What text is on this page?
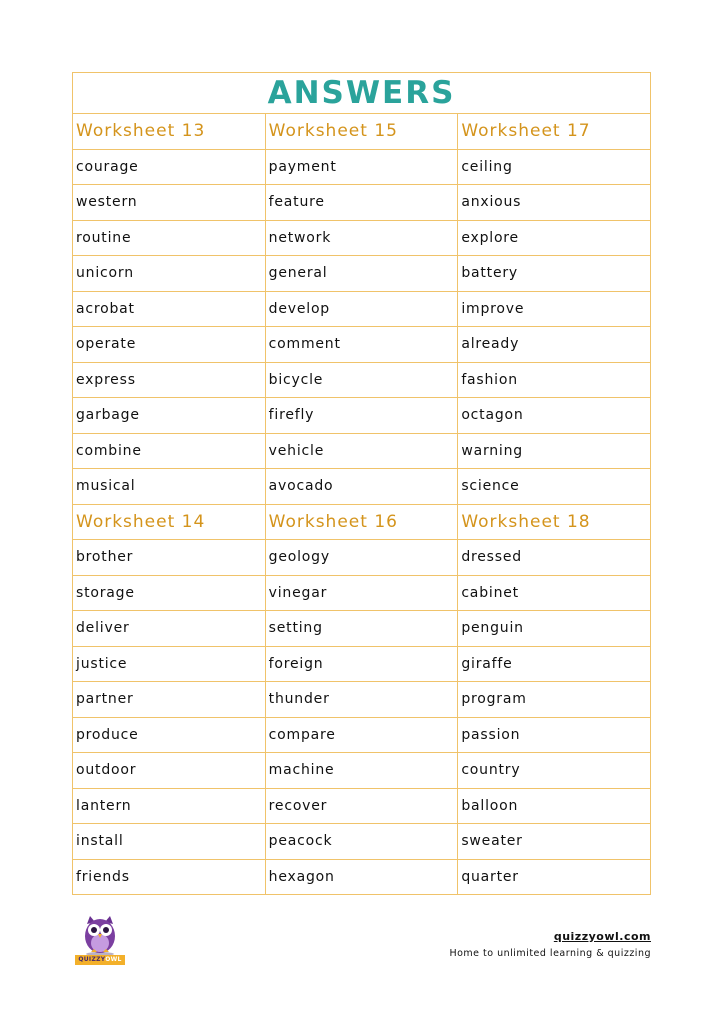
ANSWERS		
Worksheet 13	Worksheet 15	Worksheet 17
courage	payment	ceiling
western	feature	anxious
routine	network	explore
unicorn	general	battery
acrobat	develop	improve
operate	comment	already
express	bicycle	fashion
garbage	firefly	octagon
combine	vehicle	warning
musical	avocado	science
Worksheet 14	Worksheet 16	Worksheet 18
brother	geology	dressed
storage	vinegar	cabinet
deliver	setting	penguin
justice	foreign	giraffe
partner	thunder	program
produce	compare	passion
outdoor	machine	country
lantern	recover	balloon
install	peacock	sweater
friends	hexagon	quarter
QUIZZYOWL
quizzyowl.com
Home to unlimited learning & quizzing
